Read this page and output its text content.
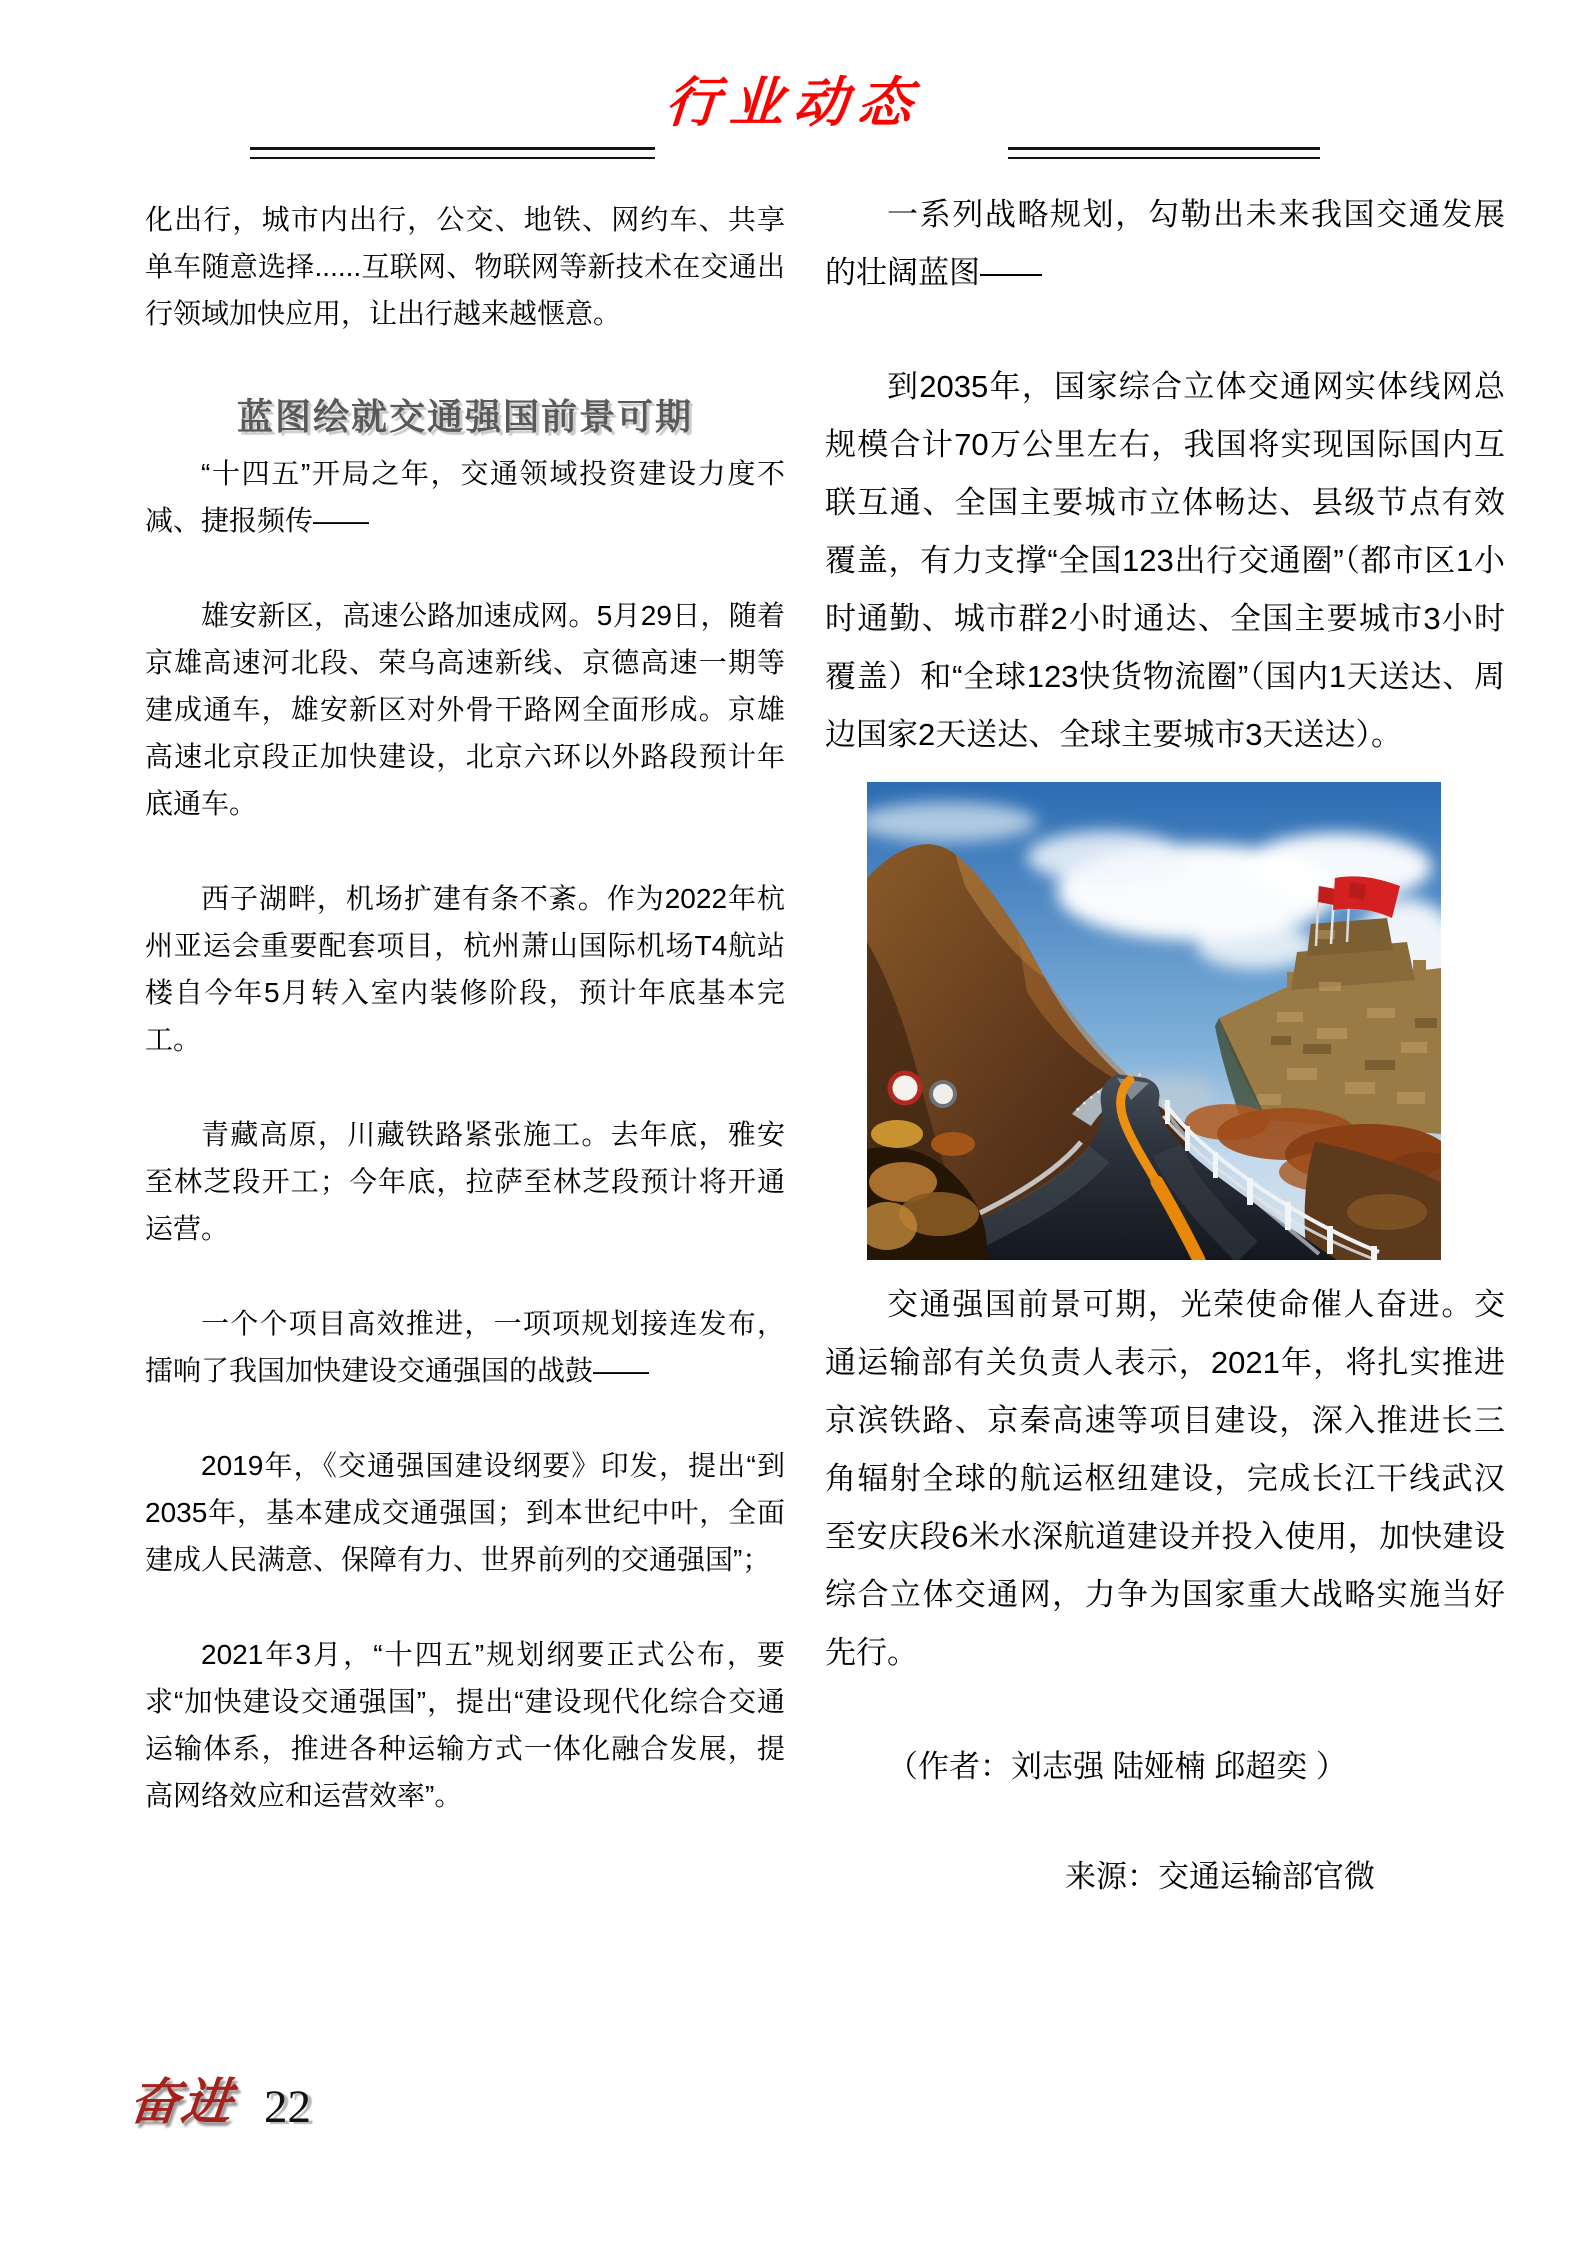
行业动态

化出行，城市内出行，公交、地铁、网约车、共享单车随意选择......互联网、物联网等新技术在交通出行领域加快应用，让出行越来越惬意。

蓝图绘就交通强国前景可期

“十四五”开局之年，交通领域投资建设力度不减、捷报频传——

雄安新区，高速公路加速成网。5月29日，随着京雄高速河北段、荣乌高速新线、京德高速一期等建成通车，雄安新区对外骨干路网全面形成。京雄高速北京段正加快建设，北京六环以外路段预计年底通车。

西子湖畔，机场扩建有条不紊。作为2022年杭州亚运会重要配套项目，杭州萧山国际机场T4航站楼自今年5月转入室内装修阶段，预计年底基本完工。

青藏高原，川藏铁路紧张施工。去年底，雅安至林芝段开工；今年底，拉萨至林芝段预计将开通运营。

一个个项目高效推进，一项项规划接连发布，擂响了我国加快建设交通强国的战鼓——

2019年，《交通强国建设纲要》印发，提出“到2035年，基本建成交通强国；到本世纪中叶，全面建成人民满意、保障有力、世界前列的交通强国”；

2021年3月，“十四五”规划纲要正式公布，要求“加快建设交通强国”，提出“建设现代化综合交通运输体系，推进各种运输方式一体化融合发展，提高网络效应和运营效率”。

一系列战略规划，勾勒出未来我国交通发展的壮阔蓝图——

到2035年，国家综合立体交通网实体线网总规模合计70万公里左右，我国将实现国际国内互联互通、全国主要城市立体畅达、县级节点有效覆盖，有力支撑“全国123出行交通圈”（都市区1小时通勤、城市群2小时通达、全国主要城市3小时覆盖）和“全球123快货物流圈”（国内1天送达、周边国家2天送达、全球主要城市3天送达）。

交通强国前景可期，光荣使命催人奋进。交通运输部有关负责人表示，2021年，将扎实推进京滨铁路、京秦高速等项目建设，深入推进长三角辐射全球的航运枢纽建设，完成长江干线武汉至安庆段6米水深航道建设并投入使用，加快建设综合立体交通网，力争为国家重大战略实施当好先行。

（作者：刘志强 陆娅楠 邱超奕 ）

来源：交通运输部官微

奋进 22
